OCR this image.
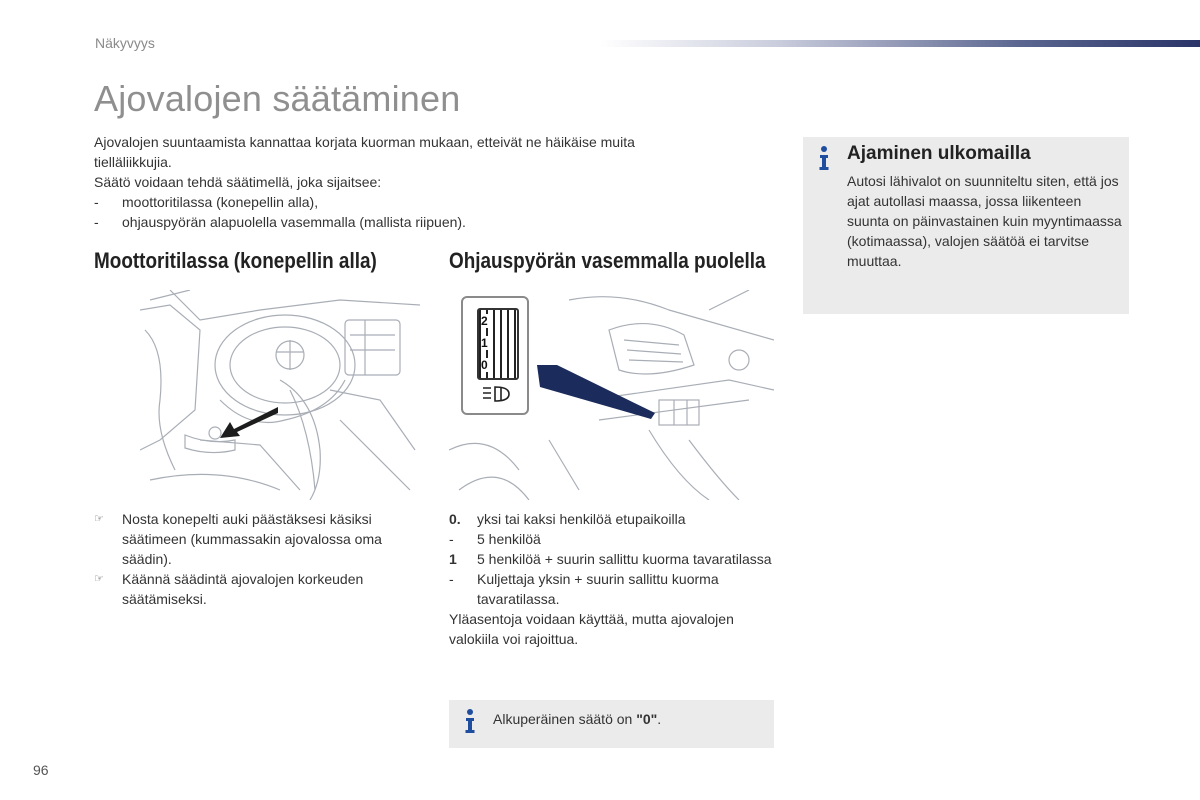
Näkyvyys
Ajovalojen säätäminen

Ajovalojen suuntaamista kannattaa korjata kuorman mukaan, etteivät ne häikäise muita tielläliikkujia.

Säätö voidaan tehdä säätimellä, joka sijaitsee:

- moottoritilassa (konepellin alla),
- ohjauspyörän alapuolella vasemmalla (mallista riipuen).
Moottoritilassa (konepellin alla)	Ohjauspyörän vasemmalla puolella
2
1
0
☞ Nosta konepelti auki päästäksesi käsiksi säätimeen (kummassakin ajovalossa oma säädin).
☞ Käännä säädintä ajovalojen korkeuden säätämiseksi.
0. yksi tai kaksi henkilöä etupaikoilla
- 5 henkilöä
1 5 henkilöä + suurin sallittu kuorma tavaratilassa
- Kuljettaja yksin + suurin sallittu kuorma tavaratilassa.

Yläasentoja voidaan käyttää, mutta ajovalojen valokiila voi rajoittua.

Alkuperäinen säätö on "0".
Ajaminen ulkomailla
Autosi lähivalot on suunniteltu siten, että jos ajat autollasi maassa, jossa liikenteen suunta on päinvastainen kuin myyntimaassa (kotimaassa), valojen säätöä ei tarvitse muuttaa.
96
